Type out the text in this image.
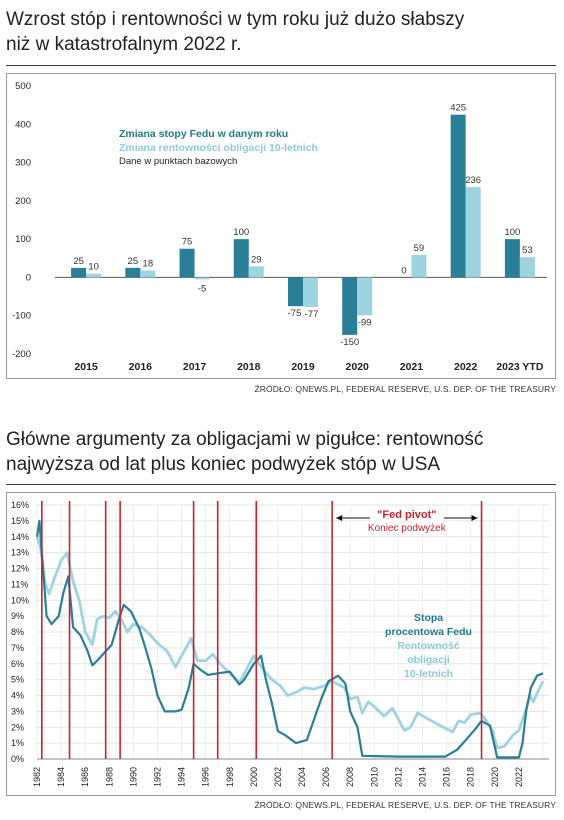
Wzrost stóp i rentowności w tym roku już dużo słabszy
niż w katastrofalnym 2022 r.
500
400
300
200
100
0
-100
-200
25	25
75
100
-75
-150
0
425
100
10	18
-5
29
-77
-99
59
236
53
2015	2016	2017	2018	2019	2020	2021	2022 2023 YTD
Zmiana stopy Fedu w danym roku
Zmiana rentowności obligacji 10-letnich
Dane w punktach bazowych
ŹRÓDŁO: QNEWS.PL, FEDERAL RESERVE, U.S. DEP. OF THE TREASURY
Główne argumenty za obligacjami w pigułce: rentowność
najwyższa od lat plus koniec podwyżek stóp w USA
16%
15%
14%
13%
12%
11%
10%
9%
8%
7%
6%
5%
4%
3%
2%
1%
0%
1982 1984 1986 1988 1990 1992 1994 1996 1998 2000 2002 2004 2006 2008 2010 2012 2014 2016 2018 2020 2022
"Fed pivot"
Koniec podwyżek
Stopa
procentowa Fedu
Rentowność
obligacji
10-letnich
ŹRÓDŁO: QNEWS.PL, FEDERAL RESERVE, U.S. DEP. OF THE TREASURY
